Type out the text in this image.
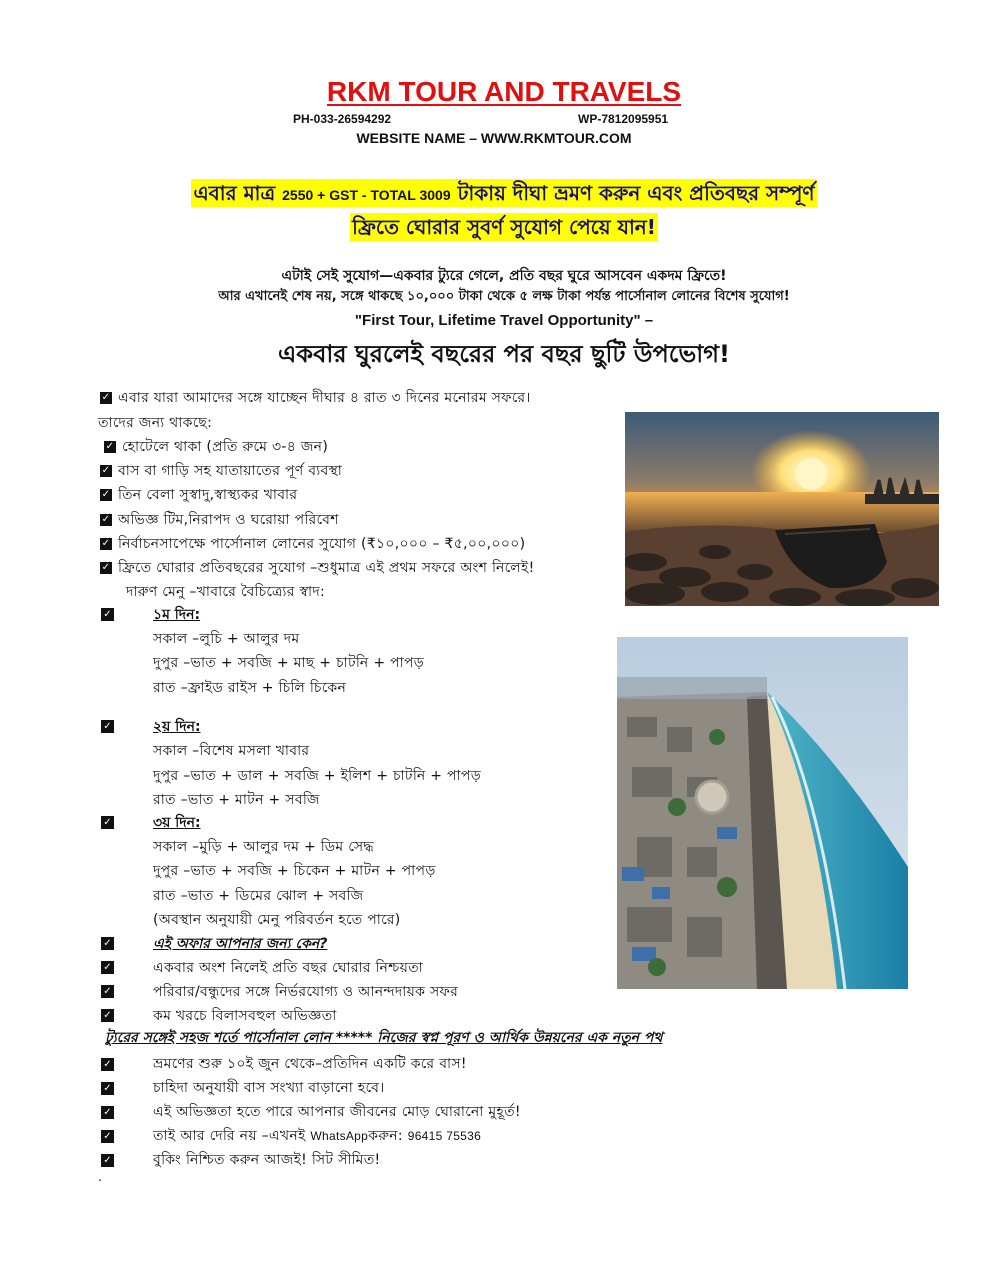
RKM TOUR AND TRAVELS
PH-033-26594292	WP-7812095951
WEBSITE NAME – WWW.RKMTOUR.COM
এবার মাত্র 2550 + GST - TOTAL 3009 টাকায় দীঘা ভ্রমণ করুন এবং প্রতিবছর সম্পূর্ণ
ফ্রিতে ঘোরার সুবর্ণ সুযোগ পেয়ে যান!
এটাই সেই সুযোগ—একবার ট্যুরে গেলে, প্রতি বছর ঘুরে আসবেন একদম ফ্রিতে!
আর এখানেই শেষ নয়, সঙ্গে থাকছে ১০,০০০ টাকা থেকে ৫ লক্ষ টাকা পর্যন্ত পার্সোনাল লোনের বিশেষ সুযোগ!
"First Tour, Lifetime Travel Opportunity" –
একবার ঘুরলেই বছরের পর বছর ছুটি উপভোগ!
✓ এবার যারা আমাদের সঙ্গে যাচ্ছেন দীঘার ৪ রাত ৩ দিনের মনোরম সফরে।
তাদের জন্য থাকছে:
✓ হোটেলে থাকা (প্রতি রুমে ৩-৪ জন)
✓ বাস বা গাড়ি সহ যাতায়াতের পূর্ণ ব্যবস্থা
✓ তিন বেলা সুস্বাদু,স্বাস্থ্যকর খাবার
✓ অভিজ্ঞ টিম,নিরাপদ ও ঘরোয়া পরিবেশ
✓ নির্বাচনসাপেক্ষে পার্সোনাল লোনের সুযোগ (₹১০,০০০ – ₹৫,০০,০০০)
✓ ফ্রিতে ঘোরার প্রতিবছরের সুযোগ –শুধুমাত্র এই প্রথম সফরে অংশ নিলেই!
দারুণ মেনু –খাবারে বৈচিত্র্যের স্বাদ:
✓	১ম দিন:
সকাল –লুচি + আলুর দম
দুপুর –ভাত + সবজি + মাছ + চাটনি + পাপড়
রাত –ফ্রাইড রাইস + চিলি চিকেন
✓	২য় দিন:
সকাল –বিশেষ মসলা খাবার
দুপুর –ভাত + ডাল + সবজি + ইলিশ + চাটনি + পাপড়
রাত –ভাত + মাটন + সবজি
✓	৩য় দিন:
সকাল –মুড়ি + আলুর দম + ডিম সেদ্ধ
দুপুর –ভাত + সবজি + চিকেন + মাটন + পাপড়
রাত –ভাত + ডিমের ঝোল + সবজি
(অবস্থান অনুযায়ী মেনু পরিবর্তন হতে পারে)
✓	এই অফার আপনার জন্য কেন?
✓	একবার অংশ নিলেই প্রতি বছর ঘোরার নিশ্চয়তা
✓	পরিবার/বন্ধুদের সঙ্গে নির্ভরযোগ্য ও আনন্দদায়ক সফর
✓	কম খরচে বিলাসবহুল অভিজ্ঞতা
ট্যুরের সঙ্গেই সহজ শর্তে পার্সোনাল লোন ***** নিজের স্বপ্ন পূরণ ও আর্থিক উন্নয়নের এক নতুন পথ
✓	ভ্রমণের শুরু ১০ই জুন থেকে–প্রতিদিন একটি করে বাস!
✓	চাহিদা অনুযায়ী বাস সংখ্যা বাড়ানো হবে।
✓	এই অভিজ্ঞতা হতে পারে আপনার জীবনের মোড় ঘোরানো মুহূর্ত!
✓	তাই আর দেরি নয় –এখনই WhatsAppকরুন: 96415 75536
✓	বুকিং নিশ্চিত করুন আজই! সিট সীমিত!
.
